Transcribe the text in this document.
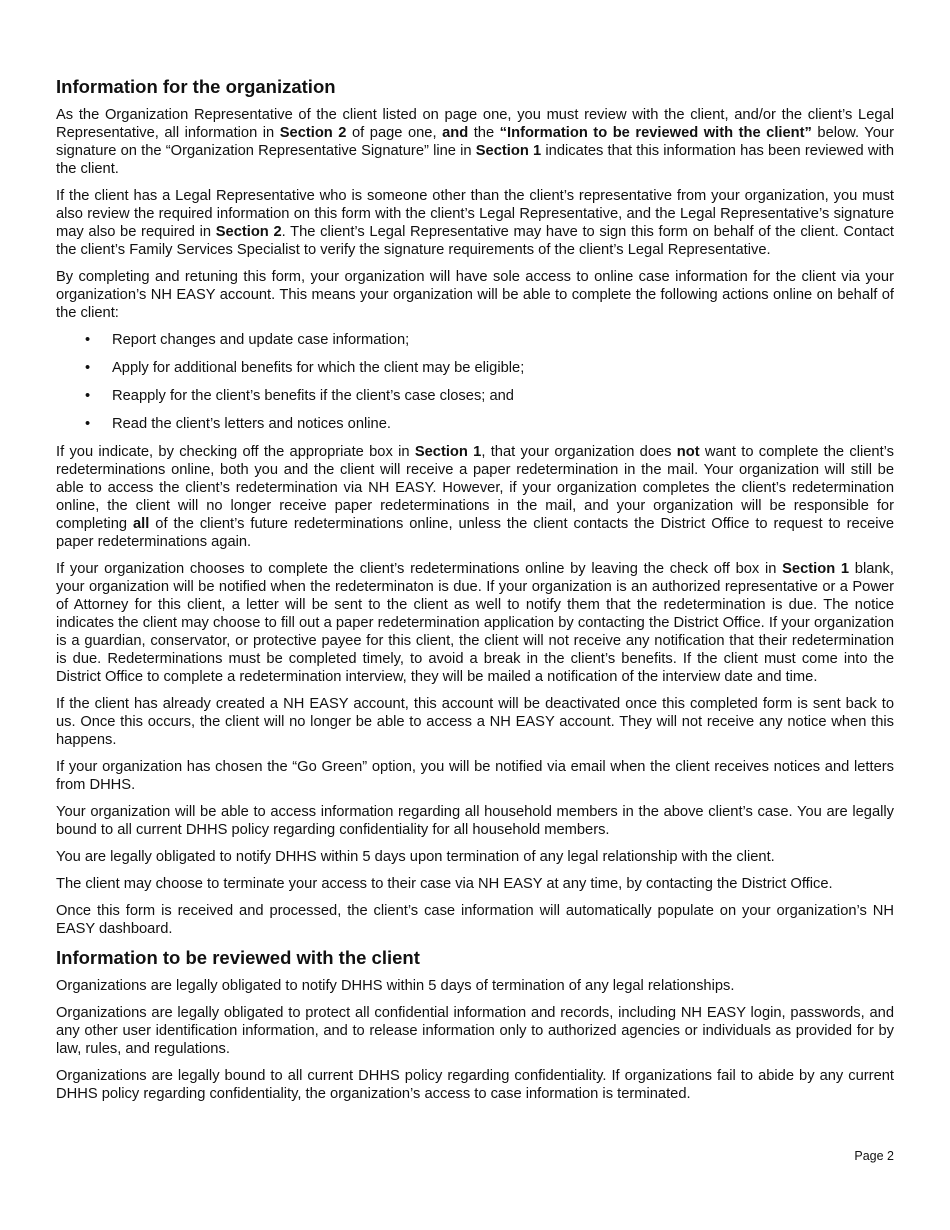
Information for the organization

As the Organization Representative of the client listed on page one, you must review with the client, and/or the client’s Legal Representative, all information in Section 2 of page one, and the “Information to be reviewed with the client” below. Your signature on the “Organization Representative Signature” line in Section 1 indicates that this information has been reviewed with the client.

If the client has a Legal Representative who is someone other than the client’s representative from your organization, you must also review the required information on this form with the client’s Legal Representative, and the Legal Representative’s signature may also be required in Section 2. The client’s Legal Representative may have to sign this form on behalf of the client. Contact the client’s Family Services Specialist to verify the signature requirements of the client’s Legal Representative.

By completing and retuning this form, your organization will have sole access to online case information for the client via your organization’s NH EASY account. This means your organization will be able to complete the following actions online on behalf of the client:

• Report changes and update case information;
• Apply for additional benefits for which the client may be eligible;
• Reapply for the client’s benefits if the client’s case closes; and
• Read the client’s letters and notices online.

If you indicate, by checking off the appropriate box in Section 1, that your organization does not want to complete the client’s redeterminations online, both you and the client will receive a paper redetermination in the mail. Your organization will still be able to access the client’s redetermination via NH EASY. However, if your organization completes the client’s redetermination online, the client will no longer receive paper redeterminations in the mail, and your organization will be responsible for completing all of the client’s future redeterminations online, unless the client contacts the District Office to request to receive paper redeterminations again.

If your organization chooses to complete the client’s redeterminations online by leaving the check off box in Section 1 blank, your organization will be notified when the redeterminaton is due. If your organization is an authorized representative or a Power of Attorney for this client, a letter will be sent to the client as well to notify them that the redetermination is due. The notice indicates the client may choose to fill out a paper redetermination application by contacting the District Office. If your organization is a guardian, conservator, or protective payee for this client, the client will not receive any notification that their redetermination is due. Redeterminations must be completed timely, to avoid a break in the client’s benefits. If the client must come into the District Office to complete a redetermination interview, they will be mailed a notification of the interview date and time.

If the client has already created a NH EASY account, this account will be deactivated once this completed form is sent back to us. Once this occurs, the client will no longer be able to access a NH EASY account. They will not receive any notice when this happens.

If your organization has chosen the “Go Green” option, you will be notified via email when the client receives notices and letters from DHHS.

Your organization will be able to access information regarding all household members in the above client’s case. You are legally bound to all current DHHS policy regarding confidentiality for all household members.

You are legally obligated to notify DHHS within 5 days upon termination of any legal relationship with the client.

The client may choose to terminate your access to their case via NH EASY at any time, by contacting the District Office.

Once this form is received and processed, the client’s case information will automatically populate on your organization’s NH EASY dashboard.

Information to be reviewed with the client

Organizations are legally obligated to notify DHHS within 5 days of termination of any legal relationships.

Organizations are legally obligated to protect all confidential information and records, including NH EASY login, passwords, and any other user identification information, and to release information only to authorized agencies or individuals as provided for by law, rules, and regulations.

Organizations are legally bound to all current DHHS policy regarding confidentiality. If organizations fail to abide by any current DHHS policy regarding confidentiality, the organization’s access to case information is terminated.

Page 2
